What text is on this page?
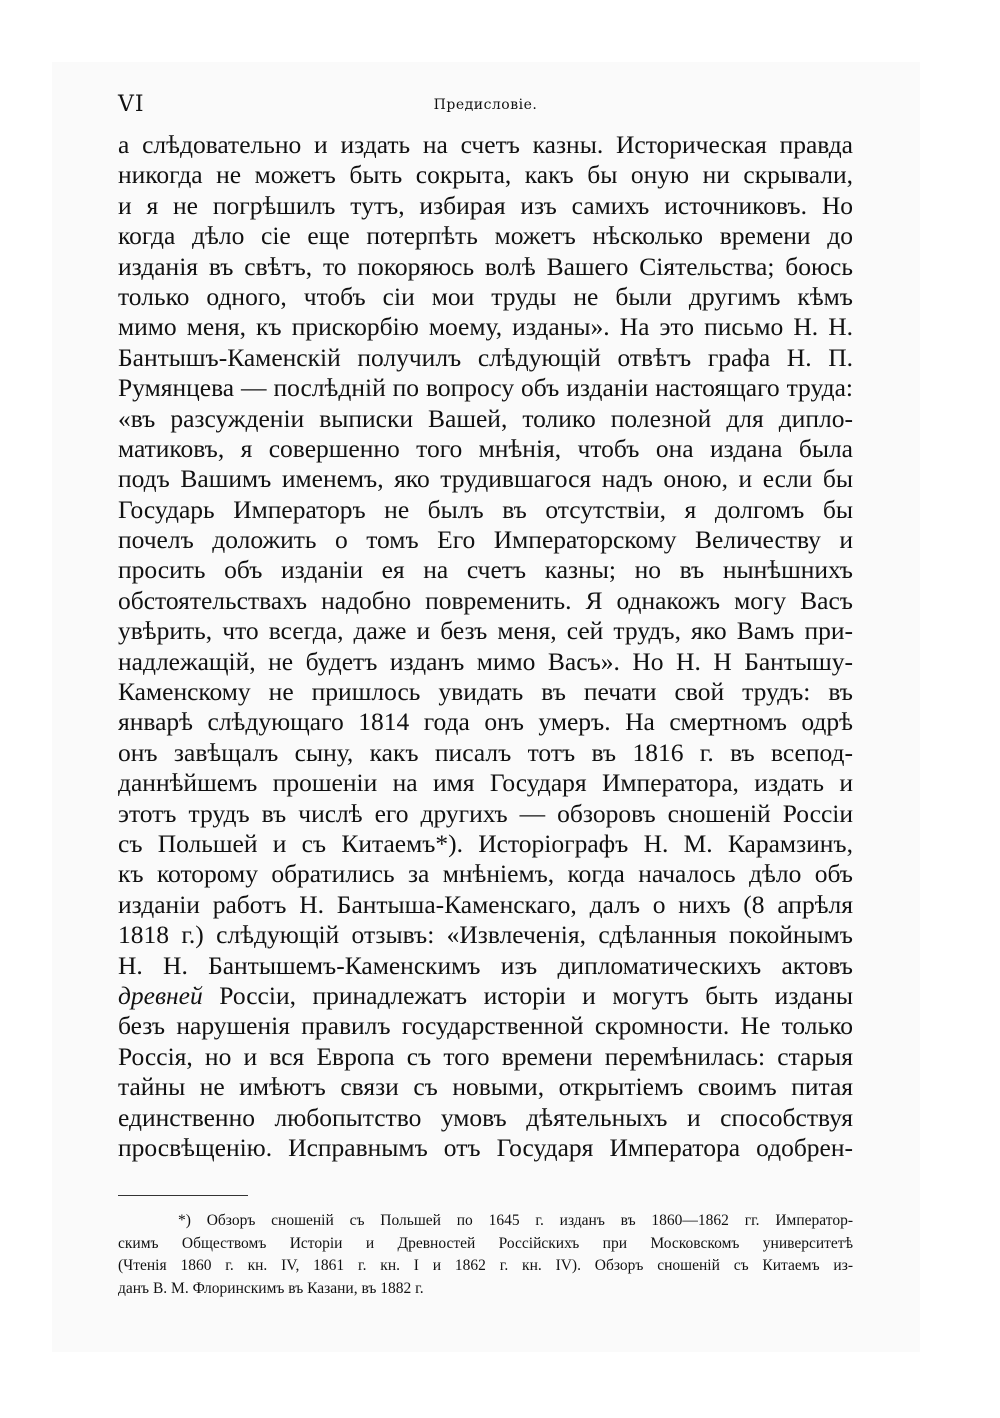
VI	Предисловіе.
а слѣдовательно и издать на счетъ казны. Историческая правда
никогда не можетъ быть сокрыта, какъ бы оную ни скрывали,
и я не погрѣшилъ тутъ, избирая изъ самихъ источниковъ. Но
когда дѣло сіе еще потерпѣть можетъ нѣсколько времени до
изданія въ свѣтъ, то покоряюсь волѣ Вашего Сіятельства; боюсь
только одного, чтобъ сіи мои труды не были другимъ кѣмъ
мимо меня, къ прискорбію моему, изданы». На это письмо Н. Н.
Бантышъ-Каменскій получилъ слѣдующій отвѣтъ графа Н. П.
Румянцева — послѣдній по вопросу объ изданіи настоящаго труда:
«въ разсужденіи выписки Вашей, толико полезной для дипло-
матиковъ, я совершенно того мнѣнія, чтобъ она издана была
подъ Вашимъ именемъ, яко трудившагося надъ оною, и если бы
Государь Императоръ не былъ въ отсутствіи, я долгомъ бы
почелъ доложить о томъ Его Императорскому Величеству и
просить объ изданіи ея на счетъ казны; но въ нынѣшнихъ
обстоятельствахъ надобно повременить. Я однакожъ могу Васъ
увѣрить, что всегда, даже и безъ меня, сей трудъ, яко Вамъ при-
надлежащій, не будетъ изданъ мимо Васъ». Но Н. Н Бантышу-
Каменскому не пришлось увидать въ печати свой трудъ: въ
январѣ слѣдующаго 1814 года онъ умеръ. На смертномъ одрѣ
онъ завѣщалъ сыну, какъ писалъ тотъ въ 1816 г. въ всепод-
даннѣйшемъ прошеніи на имя Государя Императора, издать и
этотъ трудъ въ числѣ его другихъ — обзоровъ сношеній Россіи
съ Польшей и съ Китаемъ*). Исторіографъ Н. М. Карамзинъ,
къ которому обратились за мнѣніемъ, когда началось дѣло объ
изданіи работъ Н. Бантыша-Каменскаго, далъ о нихъ (8 апрѣля
1818 г.) слѣдующій отзывъ: «Извлеченія, сдѣланныя покойнымъ
Н. Н. Бантышемъ-Каменскимъ изъ дипломатическихъ актовъ
древней Россіи, принадлежатъ исторіи и могутъ быть изданы
безъ нарушенія правилъ государственной скромности. Не только
Россія, но и вся Европа съ того времени перемѣнилась: старыя
тайны не имѣютъ связи съ новыми, открытіемъ своимъ питая
единственно любопытство умовъ дѣятельныхъ и способствуя
просвѣщенію. Исправнымъ отъ Государя Императора одобрен-
*) Обзоръ сношеній съ Польшей по 1645 г. изданъ въ 1860—1862 гг. Император-
скимъ Обществомъ Исторіи и Древностей Россійскихъ при Московскомъ университетѣ
(Чтенія 1860 г. кн. IV, 1861 г. кн. I и 1862 г. кн. IV). Обзоръ сношеній съ Китаемъ из-
данъ В. М. Флоринскимъ въ Казани, въ 1882 г.
